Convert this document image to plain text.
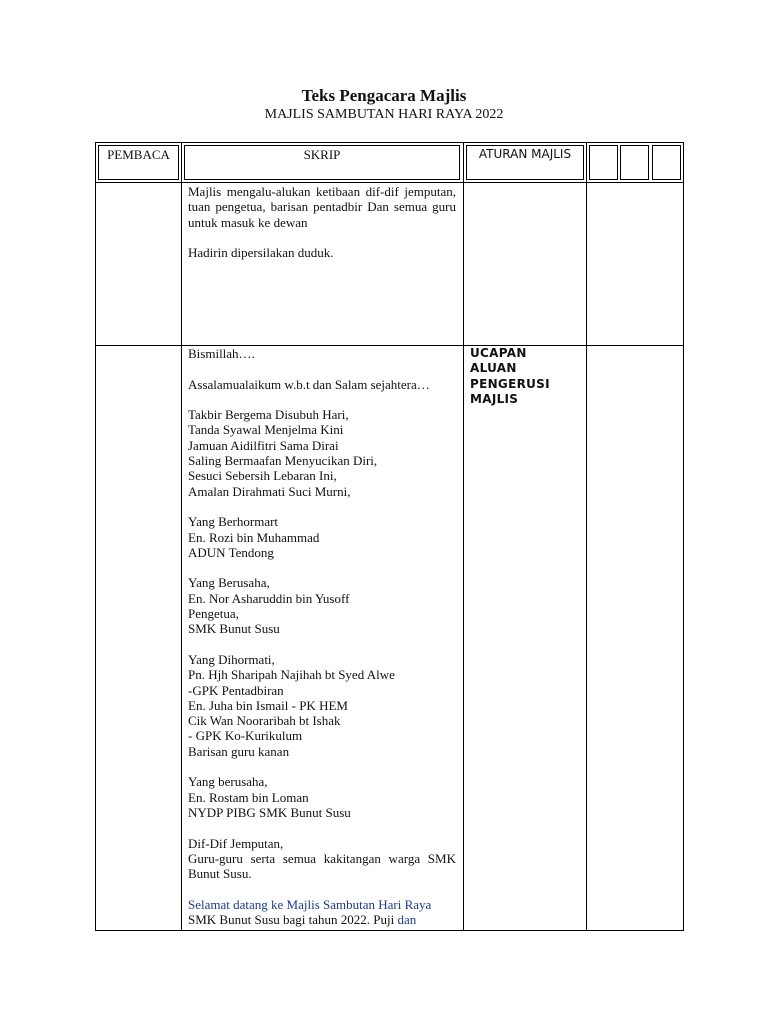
Teks Pengacara Majlis
MAJLIS SAMBUTAN HARI RAYA 2022
PEMBACA	SKRIP	ATURAN MAJLIS

Majlis mengalu-alukan ketibaan dif-dif jemputan, tuan pengetua, barisan pentadbir Dan semua guru untuk masuk ke dewan

Hadirin dipersilakan duduk.

Bismillah….

Assalamualaikum w.b.t dan Salam sejahtera…

Takbir Bergema Disubuh Hari,

Tanda Syawal Menjelma Kini

Jamuan Aidilfitri Sama Dirai

Saling Bermaafan Menyucikan Diri,

Sesuci Sebersih Lebaran Ini,

Amalan Dirahmati Suci Murni,

Yang Berhormart

En. Rozi bin Muhammad

ADUN Tendong

Yang Berusaha,

En. Nor Asharuddin bin Yusoff

Pengetua,

SMK Bunut Susu

Yang Dihormati,

Pn. Hjh Sharipah Najihah bt Syed Alwe

-GPK Pentadbiran

En. Juha bin Ismail - PK HEM

Cik Wan Nooraribah bt Ishak

- GPK Ko-Kurikulum

Barisan guru kanan

Yang berusaha,

En. Rostam bin Loman

NYDP PIBG SMK Bunut Susu

Dif-Dif Jemputan,

Guru-guru serta semua kakitangan warga SMK Bunut Susu.

Selamat datang ke Majlis Sambutan Hari Raya

SMK Bunut Susu bagi tahun 2022. Puji dan

UCAPAN
ALUAN
PENGERUSI
MAJLIS
